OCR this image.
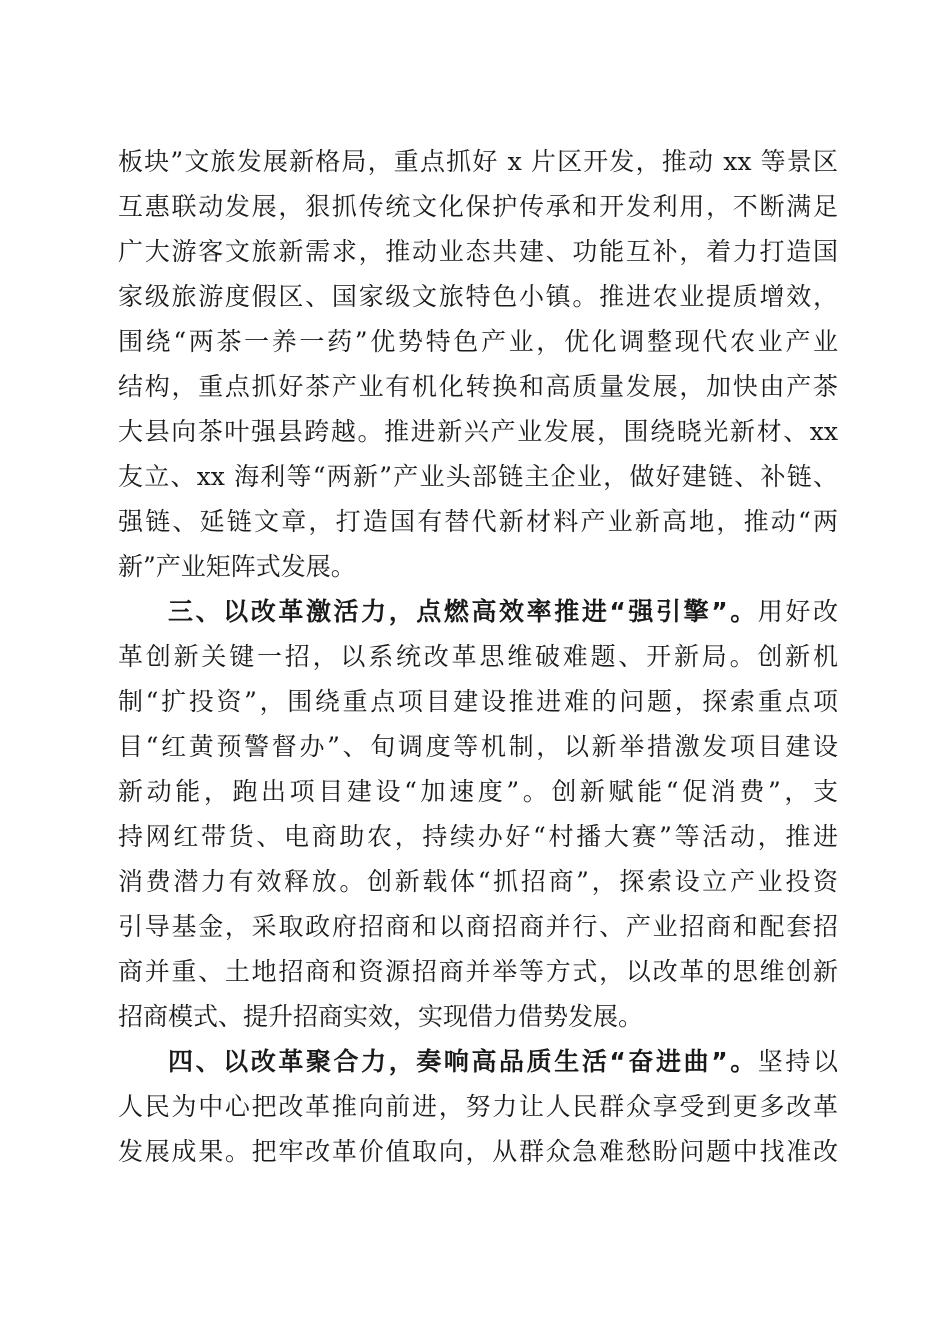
板块”文旅发展新格局，重点抓好 x 片区开发，推动 xx 等景区
互惠联动发展，狠抓传统文化保护传承和开发利用，不断满足
广大游客文旅新需求，推动业态共建、功能互补，着力打造国
家级旅游度假区、国家级文旅特色小镇。推进农业提质增效，
围绕“两茶一养一药”优势特色产业，优化调整现代农业产业
结构，重点抓好茶产业有机化转换和高质量发展，加快由产茶
大县向茶叶强县跨越。推进新兴产业发展，围绕晓光新材、xx
友立、xx 海利等“两新”产业头部链主企业，做好建链、补链、
强链、延链文章，打造国有替代新材料产业新高地，推动“两
新”产业矩阵式发展。
三、以改革激活力，点燃高效率推进“强引擎”。用好改
革创新关键一招，以系统改革思维破难题、开新局。创新机
制“扩投资”，围绕重点项目建设推进难的问题，探索重点项
目“红黄预警督办”、旬调度等机制，以新举措激发项目建设
新动能，跑出项目建设“加速度”。创新赋能“促消费”，支
持网红带货、电商助农，持续办好“村播大赛”等活动，推进
消费潜力有效释放。创新载体“抓招商”，探索设立产业投资
引导基金，采取政府招商和以商招商并行、产业招商和配套招
商并重、土地招商和资源招商并举等方式，以改革的思维创新
招商模式、提升招商实效，实现借力借势发展。
四、以改革聚合力，奏响高品质生活“奋进曲”。坚持以
人民为中心把改革推向前进，努力让人民群众享受到更多改革
发展成果。把牢改革价值取向，从群众急难愁盼问题中找准改
